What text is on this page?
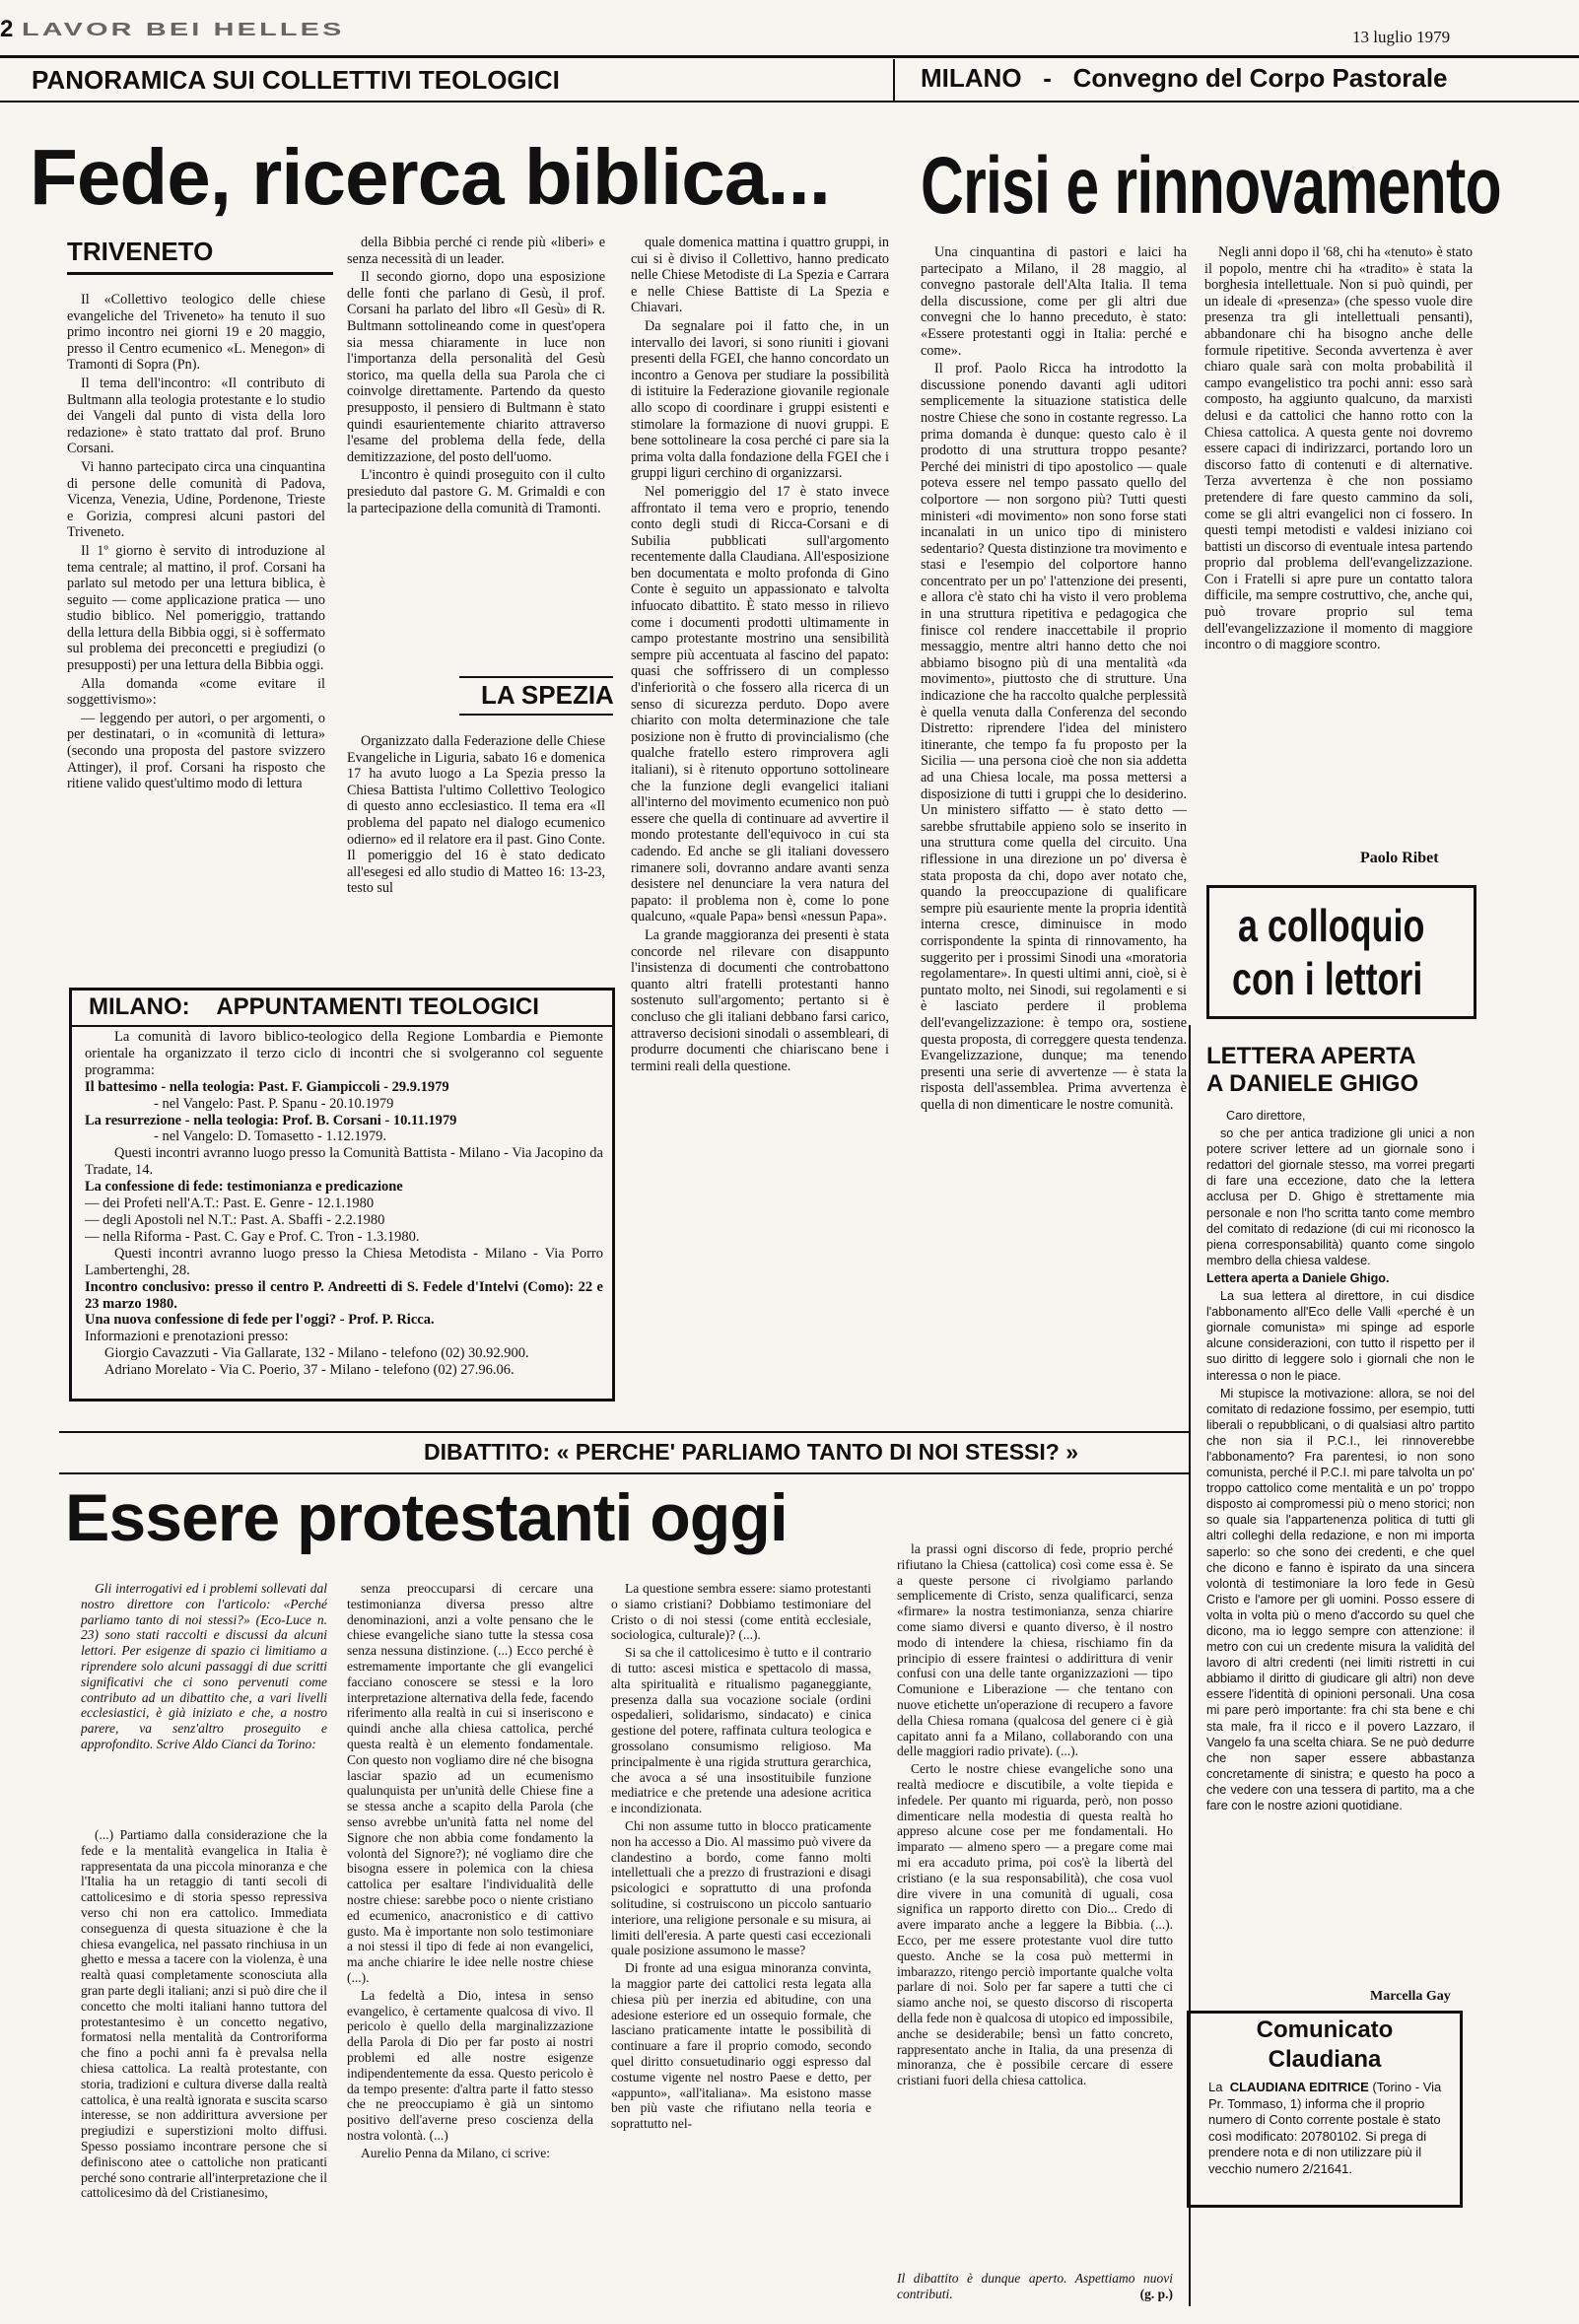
2 LAVOR BEI HELLES	13 luglio 1979
PANORAMICA SUI COLLETTIVI TEOLOGICI	MILANO - Convegno del Corpo Pastorale
Fede, ricerca biblica...
TRIVENETO

Il «Collettivo teologico delle chiese evangeliche del Triveneto» ha tenuto il suo primo incontro nei giorni 19 e 20 maggio, presso il Centro ecumenico «L. Menegon» di Tramonti di Sopra (Pn).

Il tema dell'incontro: «Il contributo di Bultmann alla teologia protestante e lo studio dei Vangeli dal punto di vista della loro redazione» è stato trattato dal prof. Bruno Corsani.

Vi hanno partecipato circa una cinquantina di persone delle comunità di Padova, Vicenza, Venezia, Udine, Pordenone, Trieste e Gorizia, compresi alcuni pastori del Triveneto.

Il 1º giorno è servito di introduzione al tema centrale; al mattino, il prof. Corsani ha parlato sul metodo per una lettura biblica, è seguito — come applicazione pratica — uno studio biblico. Nel pomeriggio, trattando della lettura della Bibbia oggi, si è soffermato sul problema dei preconcetti e pregiudizi (o presupposti) per una lettura della Bibbia oggi.

Alla domanda «come evitare il soggettivismo»:

— leggendo per autori, o per argomenti, o per destinatari, o in «comunità di lettura» (secondo una proposta del pastore svizzero Attinger), il prof. Corsani ha risposto che ritiene valido quest'ultimo modo di lettura

della Bibbia perché ci rende più «liberi» e senza necessità di un leader.

Il secondo giorno, dopo una esposizione delle fonti che parlano di Gesù, il prof. Corsani ha parlato del libro «Il Gesù» di R. Bultmann sottolineando come in quest'opera sia messa chiaramente in luce non l'importanza della personalità del Gesù storico, ma quella della sua Parola che ci coinvolge direttamente. Partendo da questo presupposto, il pensiero di Bultmann è stato quindi esaurientemente chiarito attraverso l'esame del problema della fede, della demitizzazione, del posto dell'uomo.

L'incontro è quindi proseguito con il culto presieduto dal pastore G. M. Grimaldi e con la partecipazione della comunità di Tramonti.

LA SPEZIA

Organizzato dalla Federazione delle Chiese Evangeliche in Liguria, sabato 16 e domenica 17 ha avuto luogo a La Spezia presso la Chiesa Battista l'ultimo Collettivo Teologico di questo anno ecclesiastico. Il tema era «Il problema del papato nel dialogo ecumenico odierno» ed il relatore era il past. Gino Conte. Il pomeriggio del 16 è stato dedicato all'esegesi ed allo studio di Matteo 16: 13-23, testo sul

quale domenica mattina i quattro gruppi, in cui si è diviso il Collettivo, hanno predicato nelle Chiese Metodiste di La Spezia e Carrara e nelle Chiese Battiste di La Spezia e Chiavari.

Da segnalare poi il fatto che, in un intervallo dei lavori, si sono riuniti i giovani presenti della FGEI, che hanno concordato un incontro a Genova per studiare la possibilità di istituire la Federazione giovanile regionale allo scopo di coordinare i gruppi esistenti e stimolare la formazione di nuovi gruppi. E bene sottolineare la cosa perché ci pare sia la prima volta dalla fondazione della FGEI che i gruppi liguri cerchino di organizzarsi.

Nel pomeriggio del 17 è stato invece affrontato il tema vero e proprio, tenendo conto degli studi di Ricca-Corsani e di Subilia pubblicati sull'argomento recentemente dalla Claudiana. All'esposizione ben documentata e molto profonda di Gino Conte è seguito un appassionato e talvolta infuocato dibattito. È stato messo in rilievo come i documenti prodotti ultimamente in campo protestante mostrino una sensibilità sempre più accentuata al fascino del papato: quasi che soffrissero di un complesso d'inferiorità o che fossero alla ricerca di un senso di sicurezza perduto. Dopo avere chiarito con molta determinazione che tale posizione non è frutto di provincialismo (che qualche fratello estero rimprovera agli italiani), si è ritenuto opportuno sottolineare che la funzione degli evangelici italiani all'interno del movimento ecumenico non può essere che quella di continuare ad avvertire il mondo protestante dell'equivoco in cui sta cadendo. Ed anche se gli italiani dovessero rimanere soli, dovranno andare avanti senza desistere nel denunciare la vera natura del papato: il problema non è, come lo pone qualcuno, «quale Papa» bensì «nessun Papa».

La grande maggioranza dei presenti è stata concorde nel rilevare con disappunto l'insistenza di documenti che controbattono quanto altri fratelli protestanti hanno sostenuto sull'argomento; pertanto si è concluso che gli italiani debbano farsi carico, attraverso decisioni sinodali o assembleari, di produrre documenti che chiariscano bene i termini reali della questione.

MILANO: APPUNTAMENTI TEOLOGICI

La comunità di lavoro biblico-teologico della Regione Lombardia e Piemonte orientale ha organizzato il terzo ciclo di incontri che si svolgeranno col seguente programma:

Il battesimo - nella teologia: Past. F. Giampiccoli - 29.9.1979

- nel Vangelo: Past. P. Spanu - 20.10.1979

La resurrezione - nella teologia: Prof. B. Corsani - 10.11.1979

- nel Vangelo: D. Tomasetto - 1.12.1979.

Questi incontri avranno luogo presso la Comunità Battista - Milano - Via Jacopino da Tradate, 14.

La confessione di fede: testimonianza e predicazione

— dei Profeti nell'A.T.: Past. E. Genre - 12.1.1980

— degli Apostoli nel N.T.: Past. A. Sbaffi - 2.2.1980

— nella Riforma - Past. C. Gay e Prof. C. Tron - 1.3.1980.

Questi incontri avranno luogo presso la Chiesa Metodista - Milano - Via Porro Lambertenghi, 28.

Incontro conclusivo: presso il centro P. Andreetti di S. Fedele d'Intelvi (Como): 22 e 23 marzo 1980.

Una nuova confessione di fede per l'oggi? - Prof. P. Ricca.

Informazioni e prenotazioni presso:

Giorgio Cavazzuti - Via Gallarate, 132 - Milano - telefono (02) 30.92.900.

Adriano Morelato - Via C. Poerio, 37 - Milano - telefono (02) 27.96.06.

Crisi e rinnovamento

Una cinquantina di pastori e laici ha partecipato a Milano, il 28 maggio, al convegno pastorale dell'Alta Italia. Il tema della discussione, come per gli altri due convegni che lo hanno preceduto, è stato: «Essere protestanti oggi in Italia: perché e come».

Il prof. Paolo Ricca ha introdotto la discussione ponendo davanti agli uditori semplicemente la situazione statistica delle nostre Chiese che sono in costante regresso. La prima domanda è dunque: questo calo è il prodotto di una struttura troppo pesante? Perché dei ministri di tipo apostolico — quale poteva essere nel tempo passato quello del colportore — non sorgono più? Tutti questi ministeri «di movimento» non sono forse stati incanalati in un unico tipo di ministero sedentario? Questa distinzione tra movimento e stasi e l'esempio del colportore hanno concentrato per un po' l'attenzione dei presenti, e allora c'è stato chi ha visto il vero problema in una struttura ripetitiva e pedagogica che finisce col rendere inaccettabile il proprio messaggio, mentre altri hanno detto che noi abbiamo bisogno più di una mentalità «da movimento», piuttosto che di strutture. Una indicazione che ha raccolto qualche perplessità è quella venuta dalla Conferenza del secondo Distretto: riprendere l'idea del ministero itinerante, che tempo fa fu proposto per la Sicilia — una persona cioè che non sia addetta ad una Chiesa locale, ma possa mettersi a disposizione di tutti i gruppi che lo desiderino. Un ministero siffatto — è stato detto — sarebbe sfruttabile appieno solo se inserito in una struttura come quella del circuito. Una riflessione in una direzione un po' diversa è stata proposta da chi, dopo aver notato che, quando la preoccupazione di qualificare sempre più esauriente mente la propria identità interna cresce, diminuisce in modo corrispondente la spinta di rinnovamento, ha suggerito per i prossimi Sinodi una «moratoria regolamentare». In questi ultimi anni, cioè, si è puntato molto, nei Sinodi, sui regolamenti e si è lasciato perdere il problema dell'evangelizzazione: è tempo ora, sostiene questa proposta, di correggere questa tendenza. Evangelizzazione, dunque; ma tenendo presenti una serie di avvertenze — è stata la risposta dell'assemblea. Prima avvertenza è quella di non dimenticare le nostre comunità.

Negli anni dopo il '68, chi ha «tenuto» è stato il popolo, mentre chi ha «tradito» è stata la borghesia intellettuale. Non si può quindi, per un ideale di «presenza» (che spesso vuole dire presenza tra gli intellettuali pensanti), abbandonare chi ha bisogno anche delle formule ripetitive. Seconda avvertenza è aver chiaro quale sarà con molta probabilità il campo evangelistico tra pochi anni: esso sarà composto, ha aggiunto qualcuno, da marxisti delusi e da cattolici che hanno rotto con la Chiesa cattolica. A questa gente noi dovremo essere capaci di indirizzarci, portando loro un discorso fatto di contenuti e di alternative. Terza avvertenza è che non possiamo pretendere di fare questo cammino da soli, come se gli altri evangelici non ci fossero. In questi tempi metodisti e valdesi iniziano coi battisti un discorso di eventuale intesa partendo proprio dal problema dell'evangelizzazione. Con i Fratelli si apre pure un contatto talora difficile, ma sempre costruttivo, che, anche qui, può trovare proprio sul tema dell'evangelizzazione il momento di maggiore incontro o di maggiore scontro.

Paolo Ribet
a colloquio
con i lettori
LETTERA APERTA
A DANIELE GHIGO

Caro direttore,

so che per antica tradizione gli unici a non potere scriver lettere ad un giornale sono i redattori del giornale stesso, ma vorrei pregarti di fare una eccezione, dato che la lettera acclusa per D. Ghigo è strettamente mia personale e non l'ho scritta tanto come membro del comitato di redazione (di cui mi riconosco la piena corresponsabilità) quanto come singolo membro della chiesa valdese.

Lettera aperta a Daniele Ghigo.

La sua lettera al direttore, in cui disdice l'abbonamento all'Eco delle Valli «perché è un giornale comunista» mi spinge ad esporle alcune considerazioni, con tutto il rispetto per il suo diritto di leggere solo i giornali che non le interessa o non le piace.

Mi stupisce la motivazione: allora, se noi del comitato di redazione fossimo, per esempio, tutti liberali o repubblicani, o di qualsiasi altro partito che non sia il P.C.I., lei rinnoverebbe l'abbonamento? Fra parentesi, io non sono comunista, perché il P.C.I. mi pare talvolta un po' troppo cattolico come mentalità e un po' troppo disposto ai compromessi più o meno storici; non so quale sia l'appartenenza politica di tutti gli altri colleghi della redazione, e non mi importa saperlo: so che sono dei credenti, e che quel che dicono e fanno è ispirato da una sincera volontà di testimoniare la loro fede in Gesù Cristo e l'amore per gli uomini. Posso essere di volta in volta più o meno d'accordo su quel che dicono, ma io leggo sempre con attenzione: il metro con cui un credente misura la validità del lavoro di altri credenti (nei limiti ristretti in cui abbiamo il diritto di giudicare gli altri) non deve essere l'identità di opinioni personali. Una cosa mi pare però importante: fra chi sta bene e chi sta male, fra il ricco e il povero Lazzaro, il Vangelo fa una scelta chiara. Se ne può dedurre che non saper essere abbastanza concretamente di sinistra; e questo ha poco a che vedere con una tessera di partito, ma a che fare con le nostre azioni quotidiane.

Marcella Gay
Comunicato
Claudiana
La CLAUDIANA EDITRICE (Torino - Via Pr. Tommaso, 1) informa che il proprio numero di Conto corrente postale è stato così modificato: 20780102. Si prega di prendere nota e di non utilizzare più il vecchio numero 2/21641.
DIBATTITO: « PERCHE' PARLIAMO TANTO DI NOI STESSI? »
Essere protestanti oggi

Gli interrogativi ed i problemi sollevati dal nostro direttore con l'articolo: «Perché parliamo tanto di noi stessi?» (Eco-Luce n. 23) sono stati raccolti e discussi da alcuni lettori. Per esigenze di spazio ci limitiamo a riprendere solo alcuni passaggi di due scritti significativi che ci sono pervenuti come contributo ad un dibattito che, a vari livelli ecclesiastici, è già iniziato e che, a nostro parere, va senz'altro proseguito e approfondito. Scrive Aldo Cianci da Torino:

(...) Partiamo dalla considerazione che la fede e la mentalità evangelica in Italia è rappresentata da una piccola minoranza e che l'Italia ha un retaggio di tanti secoli di cattolicesimo e di storia spesso repressiva verso chi non era cattolico. Immediata conseguenza di questa situazione è che la chiesa evangelica, nel passato rinchiusa in un ghetto e messa a tacere con la violenza, è una realtà quasi completamente sconosciuta alla gran parte degli italiani; anzi si può dire che il concetto che molti italiani hanno tuttora del protestantesimo è un concetto negativo, formatosi nella mentalità da Controriforma che fino a pochi anni fa è prevalsa nella chiesa cattolica. La realtà protestante, con storia, tradizioni e cultura diverse dalla realtà cattolica, è una realtà ignorata e suscita scarso interesse, se non addirittura avversione per pregiudizi e superstizioni molto diffusi. Spesso possiamo incontrare persone che si definiscono atee o cattoliche non praticanti perché sono contrarie all'interpretazione che il cattolicesimo dà del Cristianesimo,

senza preoccuparsi di cercare una testimonianza diversa presso altre denominazioni, anzi a volte pensano che le chiese evangeliche siano tutte la stessa cosa senza nessuna distinzione. (...) Ecco perché è estremamente importante che gli evangelici facciano conoscere se stessi e la loro interpretazione alternativa della fede, facendo riferimento alla realtà in cui si inseriscono e quindi anche alla chiesa cattolica, perché questa realtà è un elemento fondamentale. Con questo non vogliamo dire né che bisogna lasciar spazio ad un ecumenismo qualunquista per un'unità delle Chiese fine a se stessa anche a scapito della Parola (che senso avrebbe un'unità fatta nel nome del Signore che non abbia come fondamento la volontà del Signore?); né vogliamo dire che bisogna essere in polemica con la chiesa cattolica per esaltare l'individualità delle nostre chiese: sarebbe poco o niente cristiano ed ecumenico, anacronistico e di cattivo gusto. Ma è importante non solo testimoniare a noi stessi il tipo di fede ai non evangelici, ma anche chiarire le idee nelle nostre chiese (...).

La fedeltà a Dio, intesa in senso evangelico, è certamente qualcosa di vivo. Il pericolo è quello della marginalizzazione della Parola di Dio per far posto ai nostri problemi ed alle nostre esigenze indipendentemente da essa. Questo pericolo è da tempo presente: d'altra parte il fatto stesso che ne preoccupiamo è già un sintomo positivo dell'averne preso coscienza della nostra volontà. (...)

Aurelio Penna da Milano, ci scrive:

La questione sembra essere: siamo protestanti o siamo cristiani? Dobbiamo testimoniare del Cristo o di noi stessi (come entità ecclesiale, sociologica, culturale)? (...).

Si sa che il cattolicesimo è tutto e il contrario di tutto: ascesi mistica e spettacolo di massa, alta spiritualità e ritualismo paganeggiante, presenza dalla sua vocazione sociale (ordini ospedalieri, solidarismo, sindacato) e cinica gestione del potere, raffinata cultura teologica e grossolano consumismo religioso. Ma principalmente è una rigida struttura gerarchica, che avoca a sé una insostituibile funzione mediatrice e che pretende una adesione acritica e incondizionata.

Chi non assume tutto in blocco praticamente non ha accesso a Dio. Al massimo può vivere da clandestino a bordo, come fanno molti intellettuali che a prezzo di frustrazioni e disagi psicologici e soprattutto di una profonda solitudine, si costruiscono un piccolo santuario interiore, una religione personale e su misura, ai limiti dell'eresia. A parte questi casi eccezionali quale posizione assumono le masse?

Di fronte ad una esigua minoranza convinta, la maggior parte dei cattolici resta legata alla chiesa più per inerzia ed abitudine, con una adesione esteriore ed un ossequio formale, che lasciano praticamente intatte le possibilità di continuare a fare il proprio comodo, secondo quel diritto consuetudinario oggi espresso dal costume vigente nel nostro Paese e detto, per «appunto», «all'italiana». Ma esistono masse ben più vaste che rifiutano nella teoria e soprattutto nel-

la prassi ogni discorso di fede, proprio perché rifiutano la Chiesa (cattolica) così come essa è. Se a queste persone ci rivolgiamo parlando semplicemente di Cristo, senza qualificarci, senza «firmare» la nostra testimonianza, senza chiarire come siamo diversi e quanto diverso, è il nostro modo di intendere la chiesa, rischiamo fin da principio di essere fraintesi o addirittura di venir confusi con una delle tante organizzazioni — tipo Comunione e Liberazione — che tentano con nuove etichette un'operazione di recupero a favore della Chiesa romana (qualcosa del genere ci è già capitato anni fa a Milano, collaborando con una delle maggiori radio private). (...).

Certo le nostre chiese evangeliche sono una realtà mediocre e discutibile, a volte tiepida e infedele. Per quanto mi riguarda, però, non posso dimenticare nella modestia di questa realtà ho appreso alcune cose per me fondamentali. Ho imparato — almeno spero — a pregare come mai mi era accaduto prima, poi cos'è la libertà del cristiano (e la sua responsabilità), che cosa vuol dire vivere in una comunità di uguali, cosa significa un rapporto diretto con Dio... Credo di avere imparato anche a leggere la Bibbia. (...). Ecco, per me essere protestante vuol dire tutto questo. Anche se la cosa può mettermi in imbarazzo, ritengo perciò importante qualche volta parlare di noi. Solo per far sapere a tutti che ci siamo anche noi, se questo discorso di riscoperta della fede non è qualcosa di utopico ed impossibile, anche se desiderabile; bensì un fatto concreto, rappresentato anche in Italia, da una presenza di minoranza, che è possibile cercare di essere cristiani fuori della chiesa cattolica.

Il dibattito è dunque aperto. Aspettiamo nuovi contributi.	(g. p.)
